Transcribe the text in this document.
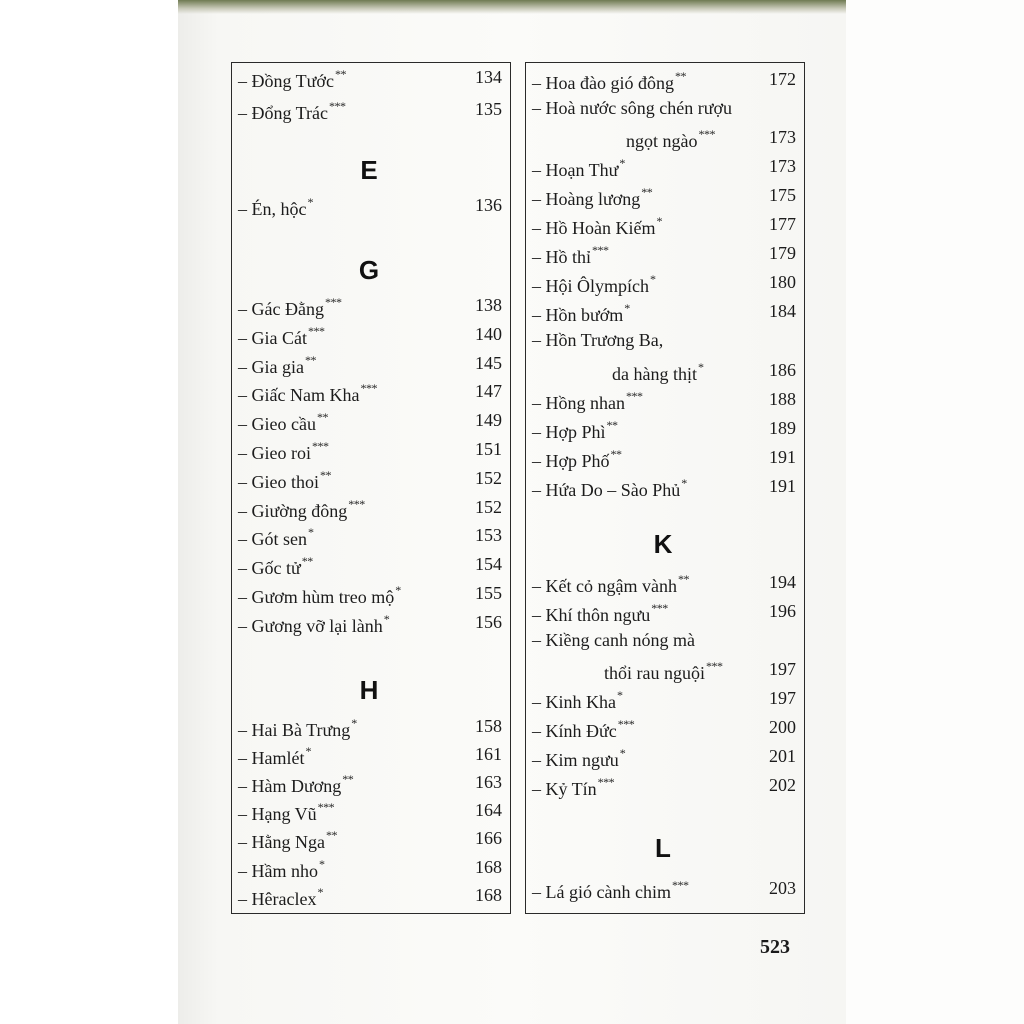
– Đồng Tước**	134
– Đổng Trác***	135
E
– Én, hộc*	136
G
– Gác Đằng***	138
– Gia Cát***	140
– Gia gia**	145
– Giấc Nam Kha***	147
– Gieo cầu**	149
– Gieo roi***	151
– Gieo thoi**	152
– Giường đông***	152
– Gót sen*	153
– Gốc tử**	154
– Gươm hùm treo mộ*	155
– Gương vỡ lại lành*	156
H
– Hai Bà Trưng*	158
– Hamlét*	161
– Hàm Dương**	163
– Hạng Vũ***	164
– Hằng Nga**	166
– Hầm nho*	168
– Hêraclex*	168
– Hoa đào gió đông**	172
– Hoà nước sông chén rượu
ngọt ngào***	173
– Hoạn Thư*	173
– Hoàng lương**	175
– Hồ Hoàn Kiếm*	177
– Hồ thỉ***	179
– Hội Ôlympích*	180
– Hồn bướm*	184
– Hồn Trương Ba,
da hàng thịt*	186
– Hồng nhan***	188
– Hợp Phì**	189
– Hợp Phố**	191
– Hứa Do – Sào Phủ*	191
K
– Kết cỏ ngậm vành**	194
– Khí thôn ngưu***	196
– Kiềng canh nóng mà
thổi rau nguội***	197
– Kinh Kha*	197
– Kính Đức***	200
– Kim ngưu*	201
– Kỷ Tín***	202
L
– Lá gió cành chim***	203
523
